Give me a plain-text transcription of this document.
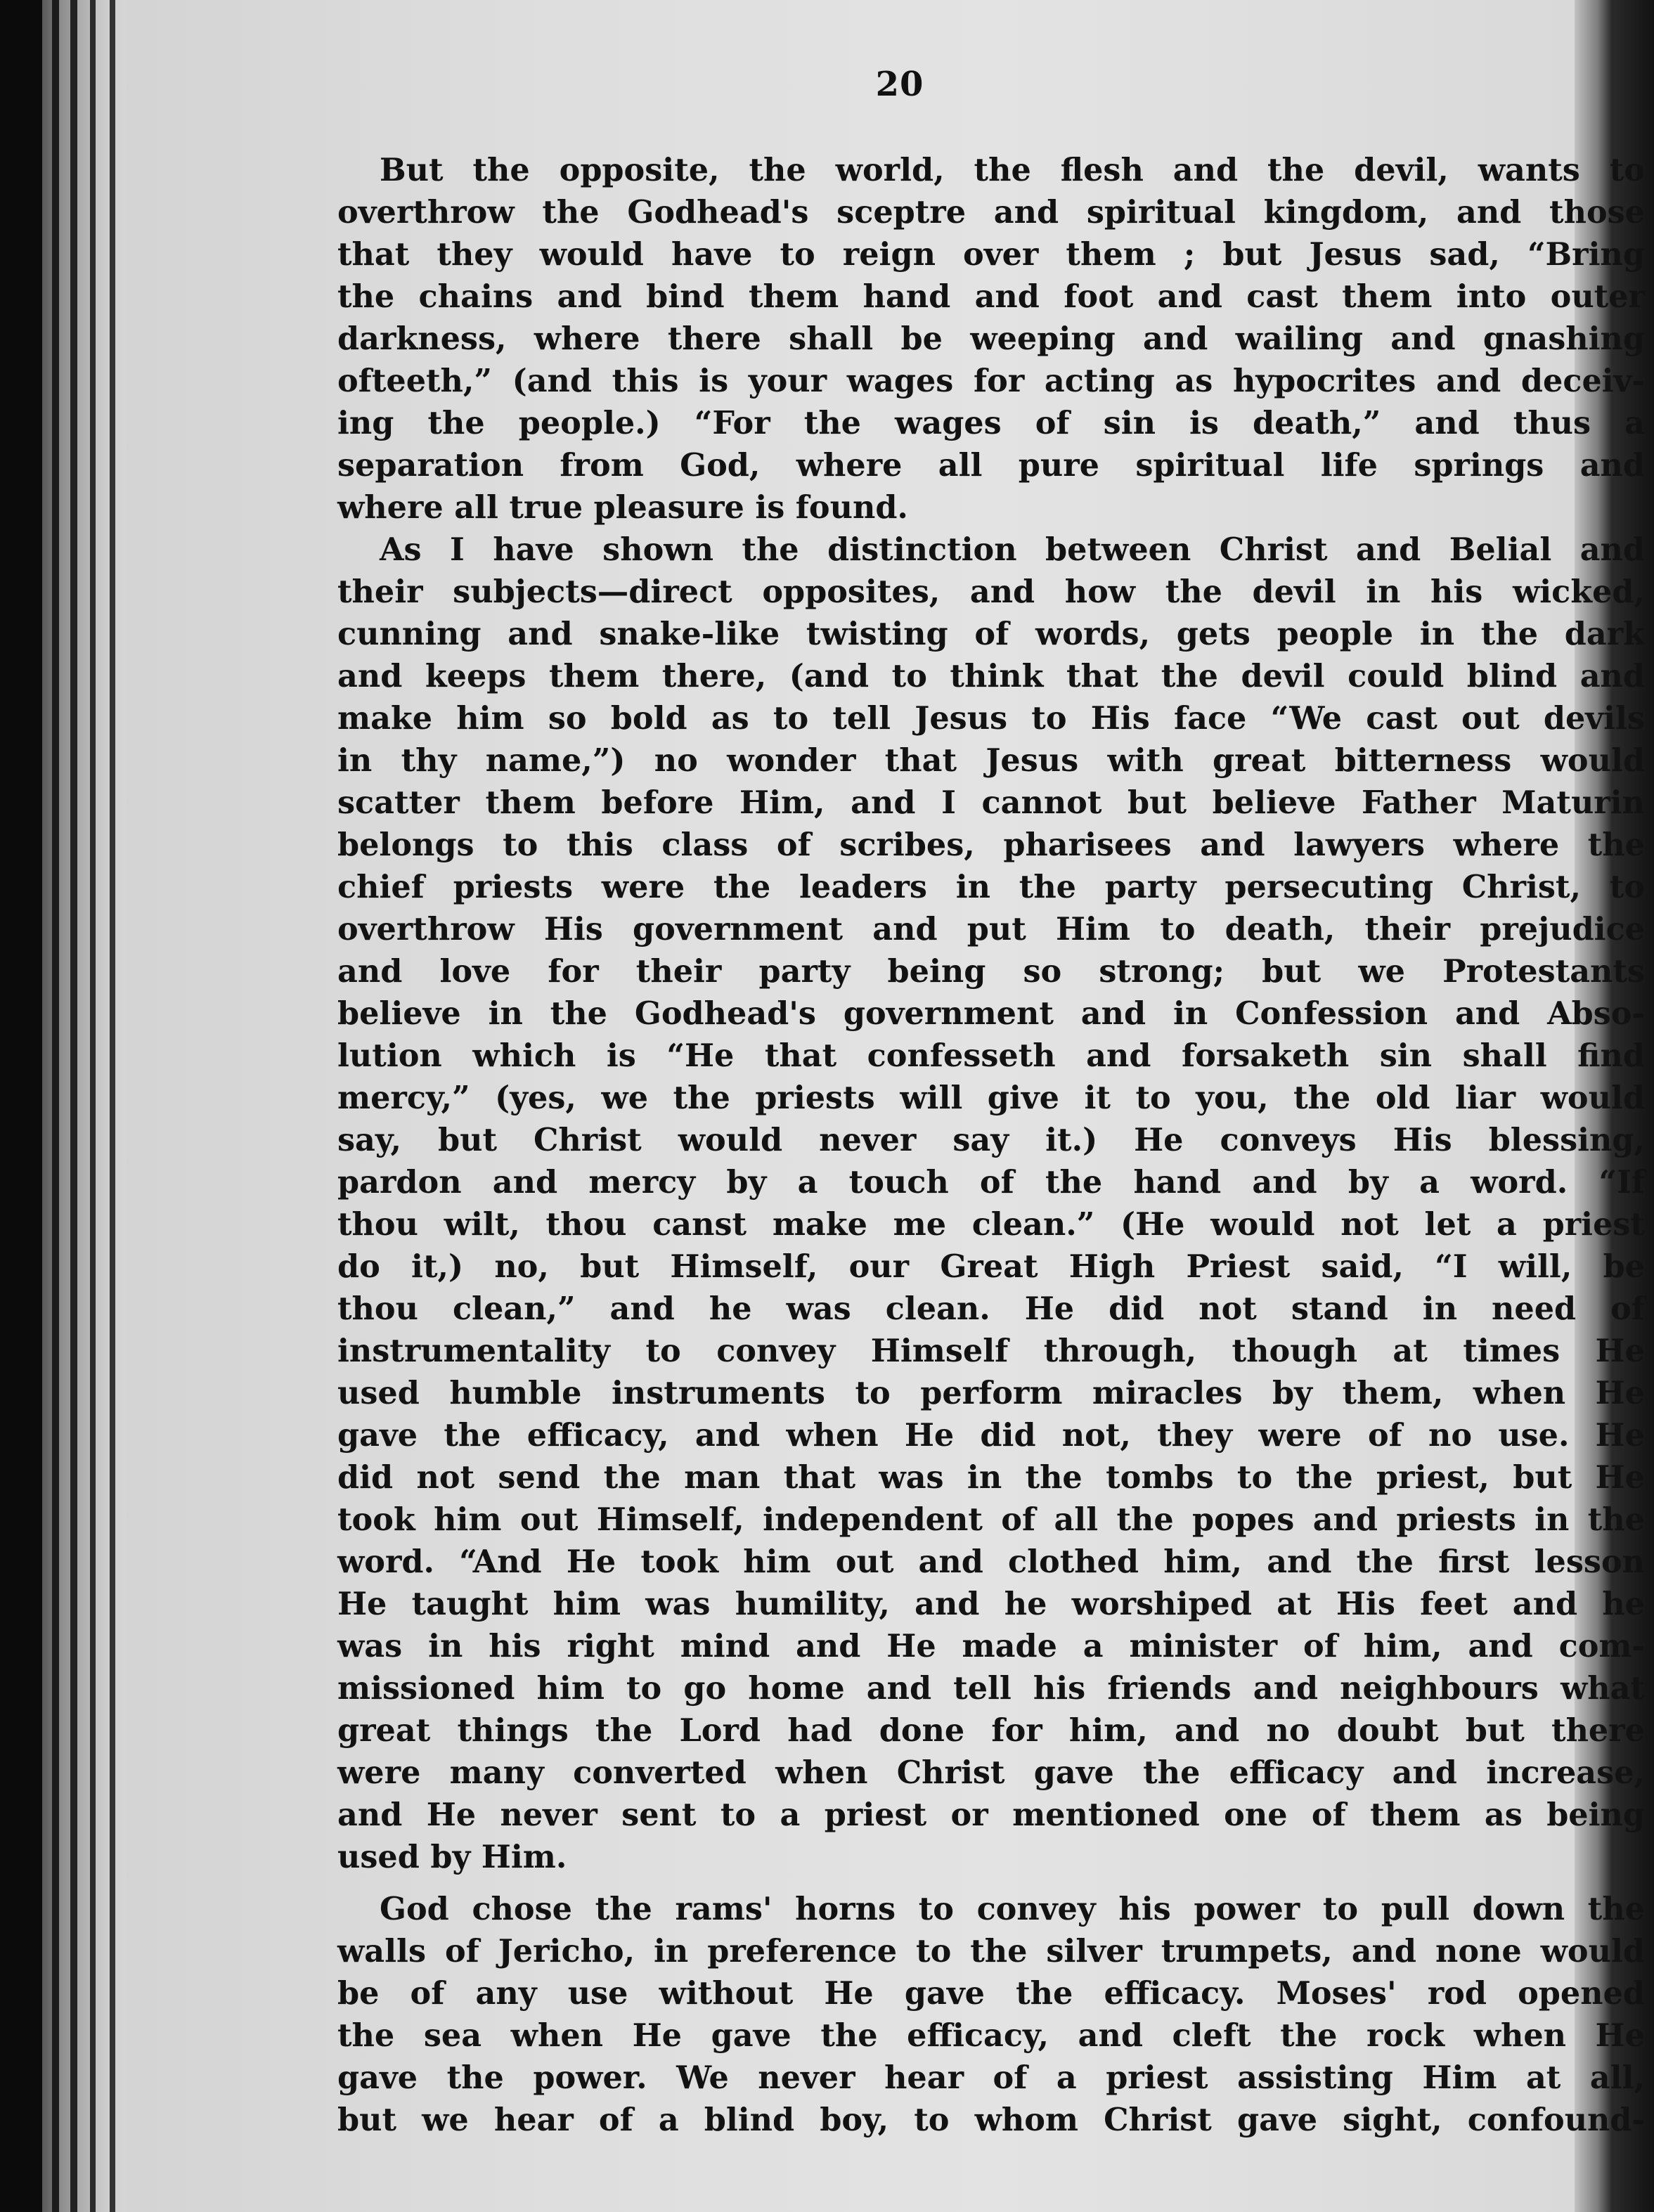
20
But the opposite, the world, the flesh and the devil, wants to
overthrow the Godhead's sceptre and spiritual kingdom, and those
that they would have to reign over them ; but Jesus sad, “Bring
the chains and bind them hand and foot and cast them into outer
darkness, where there shall be weeping and wailing and gnashing
ofteeth,” (and this is your wages for acting as hypocrites and deceiv-
ing the people.) “For the wages of sin is death,” and thus a
separation from God, where all pure spiritual life springs and
where all true pleasure is found.
As I have shown the distinction between Christ and Belial and
their subjects—direct opposites, and how the devil in his wicked,
cunning and snake-like twisting of words, gets people in the dark
and keeps them there, (and to think that the devil could blind and
make him so bold as to tell Jesus to His face “We cast out devils
in thy name,”) no wonder that Jesus with great bitterness would
scatter them before Him, and I cannot but believe Father Maturin
belongs to this class of scribes, pharisees and lawyers where the
chief priests were the leaders in the party persecuting Christ, to
overthrow His government and put Him to death, their prejudice
and love for their party being so strong; but we Protestants
believe in the Godhead's government and in Confession and Abso-
lution which is “He that confesseth and forsaketh sin shall find
mercy,” (yes, we the priests will give it to you, the old liar would
say, but Christ would never say it.) He conveys His blessing,
pardon and mercy by a touch of the hand and by a word. “If
thou wilt, thou canst make me clean.” (He would not let a priest
do it,) no, but Himself, our Great High Priest said, “I will, be
thou clean,” and he was clean. He did not stand in need of
instrumentality to convey Himself through, though at times He
used humble instruments to perform miracles by them, when He
gave the efficacy, and when He did not, they were of no use. He
did not send the man that was in the tombs to the priest, but He
took him out Himself, independent of all the popes and priests in the
word. “And He took him out and clothed him, and the first lesson
He taught him was humility, and he worshiped at His feet and he
was in his right mind and He made a minister of him, and com-
missioned him to go home and tell his friends and neighbours what
great things the Lord had done for him, and no doubt but there
were many converted when Christ gave the efficacy and increase,
and He never sent to a priest or mentioned one of them as being
used by Him.
God chose the rams' horns to convey his power to pull down the
walls of Jericho, in preference to the silver trumpets, and none would
be of any use without He gave the efficacy. Moses' rod opened
the sea when He gave the efficacy, and cleft the rock when He
gave the power. We never hear of a priest assisting Him at all,
but we hear of a blind boy, to whom Christ gave sight, confound-
